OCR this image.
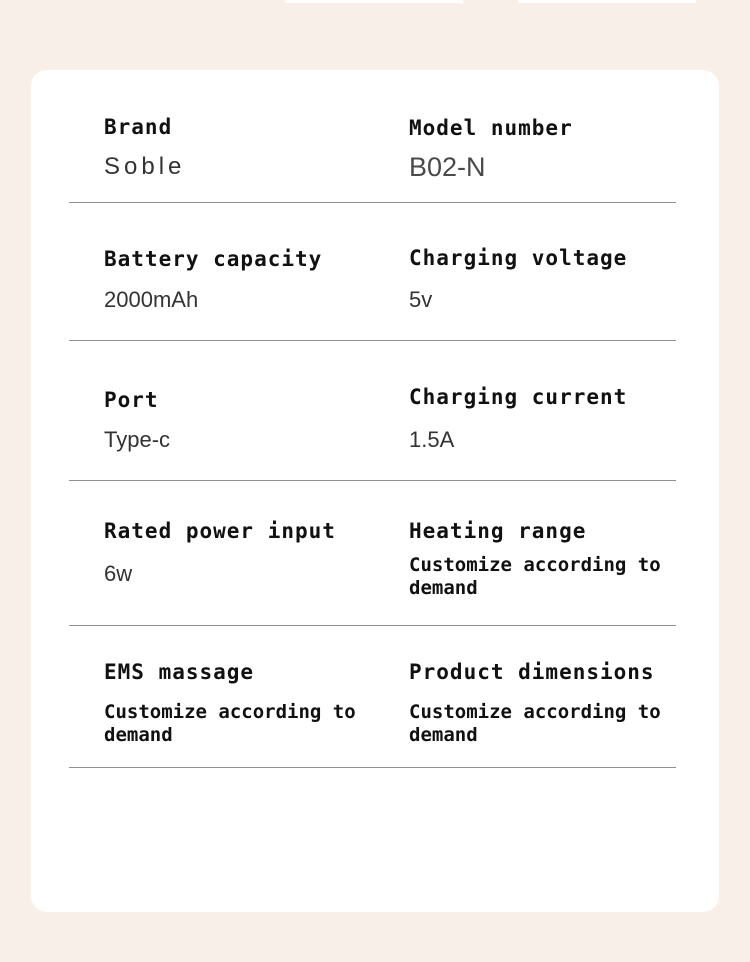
Brand
Soble
Model number
B02-N
Battery capacity
2000mAh
Charging voltage
5v
Port
Type-c
Charging current
1.5A
Rated power input
6w
Heating range
Customize according to demand
EMS massage
Customize according to demand
Product dimensions
Customize according to demand
